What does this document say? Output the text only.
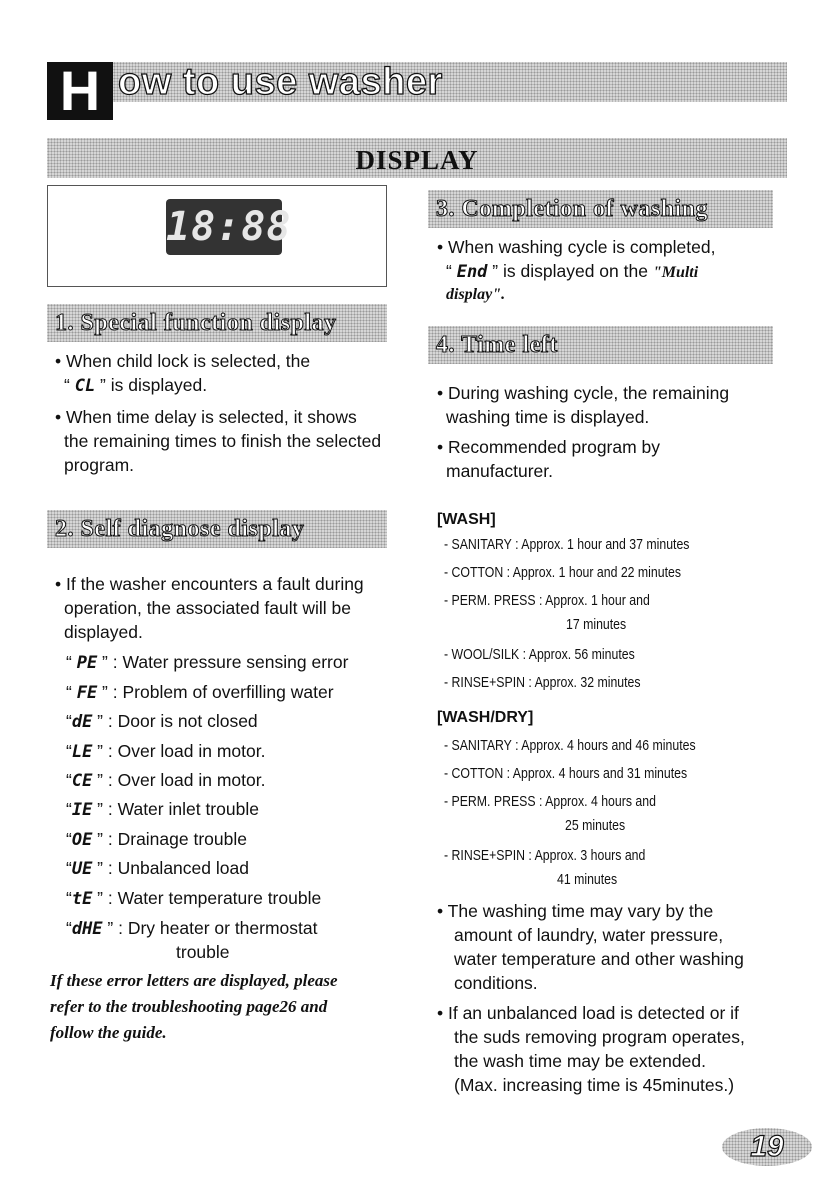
H ow to use washer
DISPLAY
18:88
1. Special function display
• When child lock is selected, the
“ CL ” is displayed.
• When time delay is selected, it shows
the remaining times to finish the selected
program.
2. Self diagnose display
• If the washer encounters a fault during
operation, the associated fault will be
displayed.
“ PE ” : Water pressure sensing error
“ FE ” : Problem of overfilling water
“dE ” : Door is not closed
“LE ” : Over load in motor.
“CE ” : Over load in motor.
“IE ” : Water inlet trouble
“OE ” : Drainage trouble
“UE ” : Unbalanced load
“tE ” : Water temperature trouble
“dHE ” : Dry heater or thermostat
trouble
If these error letters are displayed, please
refer to the troubleshooting page26 and
follow the guide.
3. Completion of washing
• When washing cycle is completed,
“ End ” is displayed on the "Multi
display".
4. Time left
• During washing cycle, the remaining
washing time is displayed.
• Recommended program by
manufacturer.
[WASH]
- SANITARY : Approx. 1 hour and 37 minutes
- COTTON : Approx. 1 hour and 22 minutes
- PERM. PRESS : Approx. 1 hour and
17 minutes
- WOOL/SILK : Approx. 56 minutes
- RINSE+SPIN : Approx. 32 minutes
[WASH/DRY]
- SANITARY : Approx. 4 hours and 46 minutes
- COTTON : Approx. 4 hours and 31 minutes
- PERM. PRESS : Approx. 4 hours and
25 minutes
- RINSE+SPIN : Approx. 3 hours and
41 minutes
• The washing time may vary by the
amount of laundry, water pressure,
water temperature and other washing
conditions.
• If an unbalanced load is detected or if
the suds removing program operates,
the wash time may be extended.
(Max. increasing time is 45minutes.)
19
